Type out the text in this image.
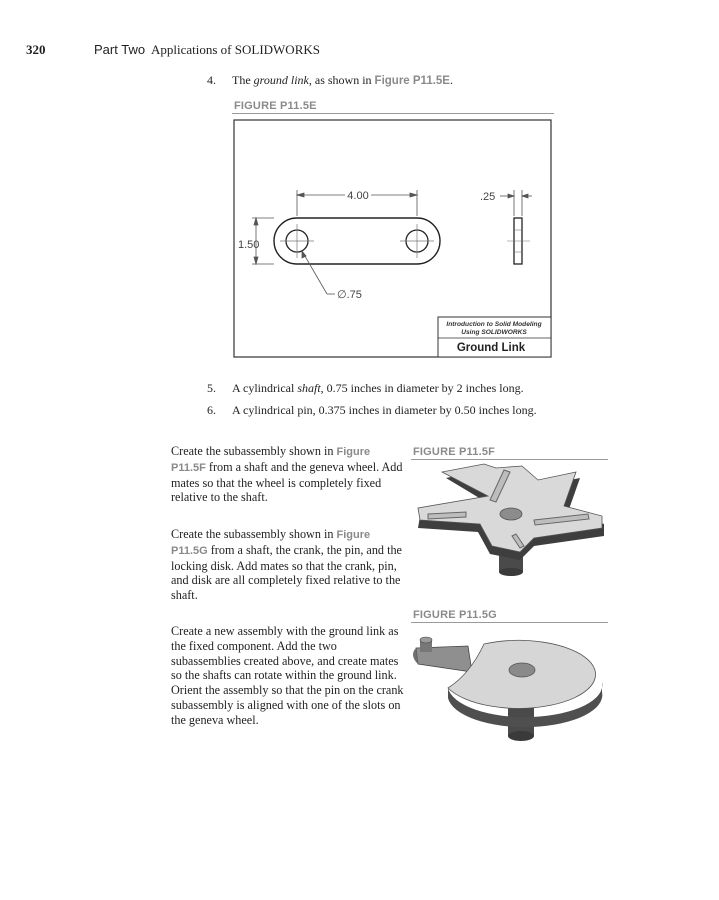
320	Part Two Applications of SOLIDWORKS
4. The ground link, as shown in Figure P11.5E.
FIGURE P11.5E
4.00
1.50
.25
∅.75
Introduction to Solid Modeling
Using SOLIDWORKS
Ground Link
5. A cylindrical shaft, 0.75 inches in diameter by 2 inches long.
6. A cylindrical pin, 0.375 inches in diameter by 0.50 inches long.
Create the subassembly shown in Figure P11.5F from a shaft and the geneva wheel. Add mates so that the wheel is completely fixed relative to the shaft.
Create the subassembly shown in Figure P11.5G from a shaft, the crank, the pin, and the locking disk. Add mates so that the crank, pin, and disk are all completely fixed relative to the shaft.
Create a new assembly with the ground link as the fixed component. Add the two subassemblies created above, and create mates so the shafts can rotate within the ground link. Orient the assembly so that the pin on the crank subassembly is aligned with one of the slots on the geneva wheel.
FIGURE P11.5F
FIGURE P11.5G
